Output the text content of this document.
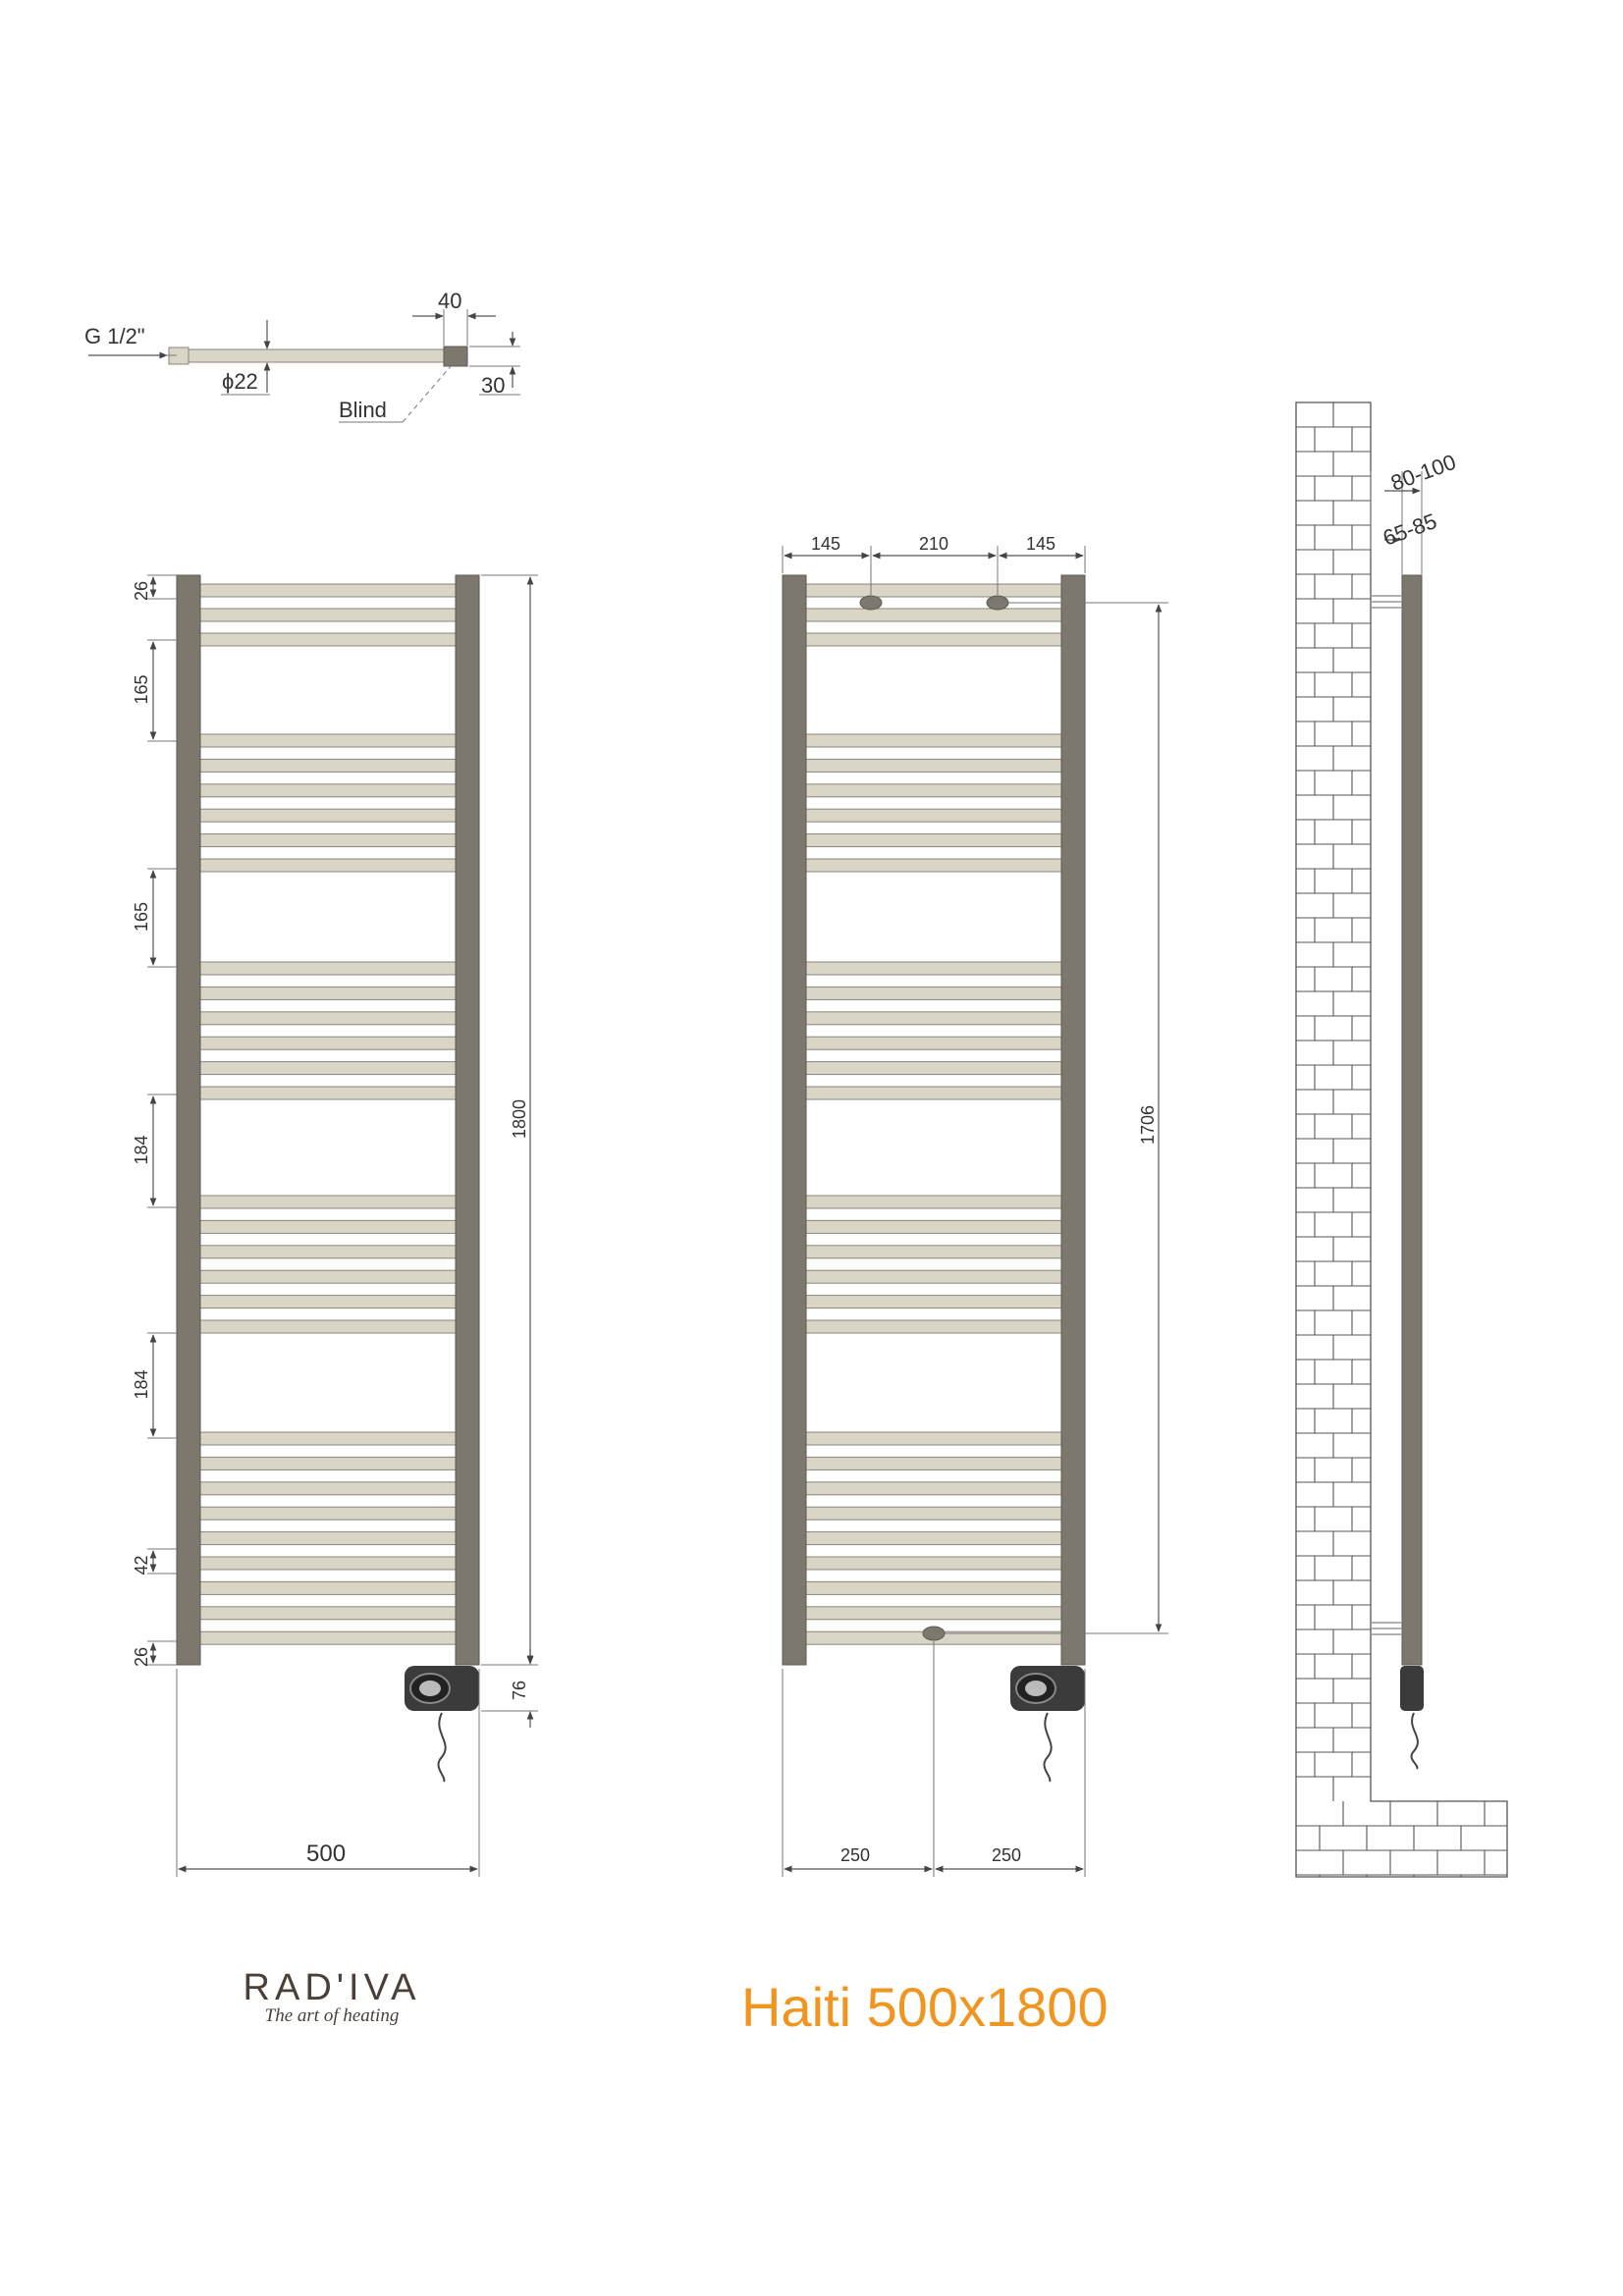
G 1/2"
ϕ22
Blind
40
30
26
165
165
184
184
42
26
1800
76
500
145	210	145
1706
250	250
80-100
65-85
RAD'IVA
The art of heating	Haiti 500x1800
